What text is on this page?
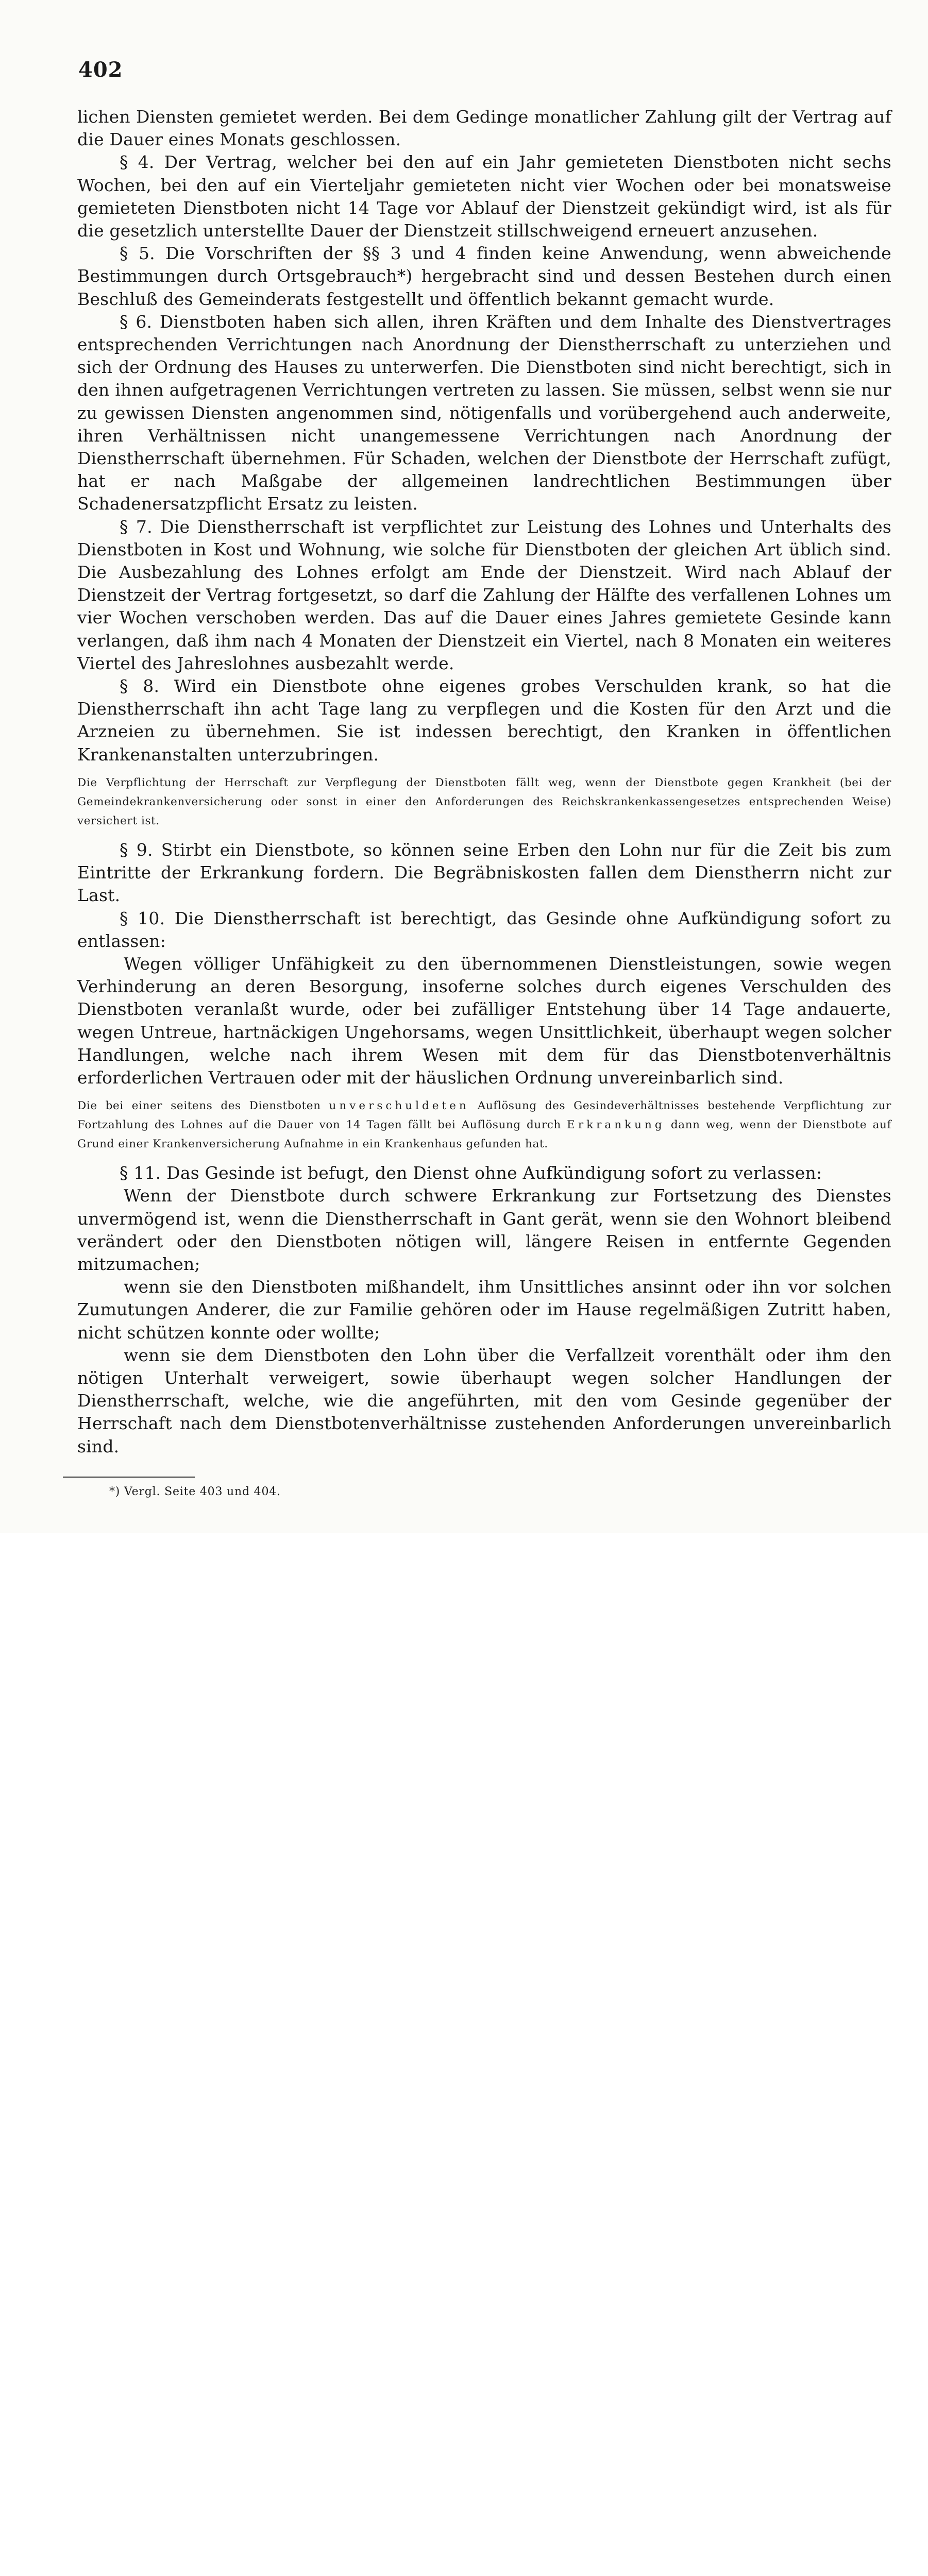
402

lichen Diensten gemietet werden. Bei dem Gedinge monatlicher Zahlung gilt der Vertrag auf die Dauer eines Monats geschlossen.

§ 4. Der Vertrag, welcher bei den auf ein Jahr gemieteten Dienstboten nicht sechs Wochen, bei den auf ein Vierteljahr gemieteten nicht vier Wochen oder bei monatsweise gemieteten Dienstboten nicht 14 Tage vor Ablauf der Dienstzeit gekündigt wird, ist als für die gesetzlich unterstellte Dauer der Dienstzeit stillschweigend erneuert anzusehen.

§ 5. Die Vorschriften der §§ 3 und 4 finden keine Anwendung, wenn abweichende Bestimmungen durch Ortsgebrauch*) hergebracht sind und dessen Bestehen durch einen Beschluß des Gemeinderats festgestellt und öffentlich bekannt gemacht wurde.

§ 6. Dienstboten haben sich allen, ihren Kräften und dem Inhalte des Dienstvertrages entsprechenden Verrichtungen nach Anordnung der Dienstherrschaft zu unterziehen und sich der Ordnung des Hauses zu unterwerfen. Die Dienstboten sind nicht berechtigt, sich in den ihnen aufgetragenen Verrichtungen vertreten zu lassen. Sie müssen, selbst wenn sie nur zu gewissen Diensten angenommen sind, nötigenfalls und vorübergehend auch anderweite, ihren Verhältnissen nicht unangemessene Verrichtungen nach Anordnung der Dienstherrschaft übernehmen. Für Schaden, welchen der Dienstbote der Herrschaft zufügt, hat er nach Maßgabe der allgemeinen landrechtlichen Bestimmungen über Schadenersatzpflicht Ersatz zu leisten.

§ 7. Die Dienstherrschaft ist verpflichtet zur Leistung des Lohnes und Unterhalts des Dienstboten in Kost und Wohnung, wie solche für Dienstboten der gleichen Art üblich sind. Die Ausbezahlung des Lohnes erfolgt am Ende der Dienstzeit. Wird nach Ablauf der Dienstzeit der Vertrag fortgesetzt, so darf die Zahlung der Hälfte des verfallenen Lohnes um vier Wochen verschoben werden. Das auf die Dauer eines Jahres gemietete Gesinde kann verlangen, daß ihm nach 4 Monaten der Dienstzeit ein Viertel, nach 8 Monaten ein weiteres Viertel des Jahreslohnes ausbezahlt werde.

§ 8. Wird ein Dienstbote ohne eigenes grobes Verschulden krank, so hat die Dienstherrschaft ihn acht Tage lang zu verpflegen und die Kosten für den Arzt und die Arzneien zu übernehmen. Sie ist indessen berechtigt, den Kranken in öffentlichen Krankenanstalten unterzubringen.

Die Verpflichtung der Herrschaft zur Verpflegung der Dienstboten fällt weg, wenn der Dienstbote gegen Krankheit (bei der Gemeindekrankenversicherung oder sonst in einer den Anforderungen des Reichskrankenkassengesetzes entsprechenden Weise) versichert ist.

§ 9. Stirbt ein Dienstbote, so können seine Erben den Lohn nur für die Zeit bis zum Eintritte der Erkrankung fordern. Die Begräbniskosten fallen dem Dienstherrn nicht zur Last.

§ 10. Die Dienstherrschaft ist berechtigt, das Gesinde ohne Aufkündigung sofort zu entlassen:

Wegen völliger Unfähigkeit zu den übernommenen Dienstleistungen, sowie wegen Verhinderung an deren Besorgung, insoferne solches durch eigenes Verschulden des Dienstboten veranlaßt wurde, oder bei zufälliger Entstehung über 14 Tage andauerte, wegen Untreue, hartnäckigen Ungehorsams, wegen Unsittlichkeit, überhaupt wegen solcher Handlungen, welche nach ihrem Wesen mit dem für das Dienstbotenverhältnis erforderlichen Vertrauen oder mit der häuslichen Ordnung unvereinbarlich sind.

Die bei einer seitens des Dienstboten unverschuldeten Auflösung des Gesindeverhältnisses bestehende Verpflichtung zur Fortzahlung des Lohnes auf die Dauer von 14 Tagen fällt bei Auflösung durch Erkrankung dann weg, wenn der Dienstbote auf Grund einer Krankenversicherung Aufnahme in ein Krankenhaus gefunden hat.

§ 11. Das Gesinde ist befugt, den Dienst ohne Aufkündigung sofort zu verlassen:

Wenn der Dienstbote durch schwere Erkrankung zur Fortsetzung des Dienstes unvermögend ist, wenn die Dienstherrschaft in Gant gerät, wenn sie den Wohnort bleibend verändert oder den Dienstboten nötigen will, längere Reisen in entfernte Gegenden mitzumachen;

wenn sie den Dienstboten mißhandelt, ihm Unsittliches ansinnt oder ihn vor solchen Zumutungen Anderer, die zur Familie gehören oder im Hause regelmäßigen Zutritt haben, nicht schützen konnte oder wollte;

wenn sie dem Dienstboten den Lohn über die Verfallzeit vorenthält oder ihm den nötigen Unterhalt verweigert, sowie überhaupt wegen solcher Handlungen der Dienstherrschaft, welche, wie die angeführten, mit den vom Gesinde gegenüber der Herrschaft nach dem Dienstbotenverhältnisse zustehenden Anforderungen unvereinbarlich sind.

*) Vergl. Seite 403 und 404.
